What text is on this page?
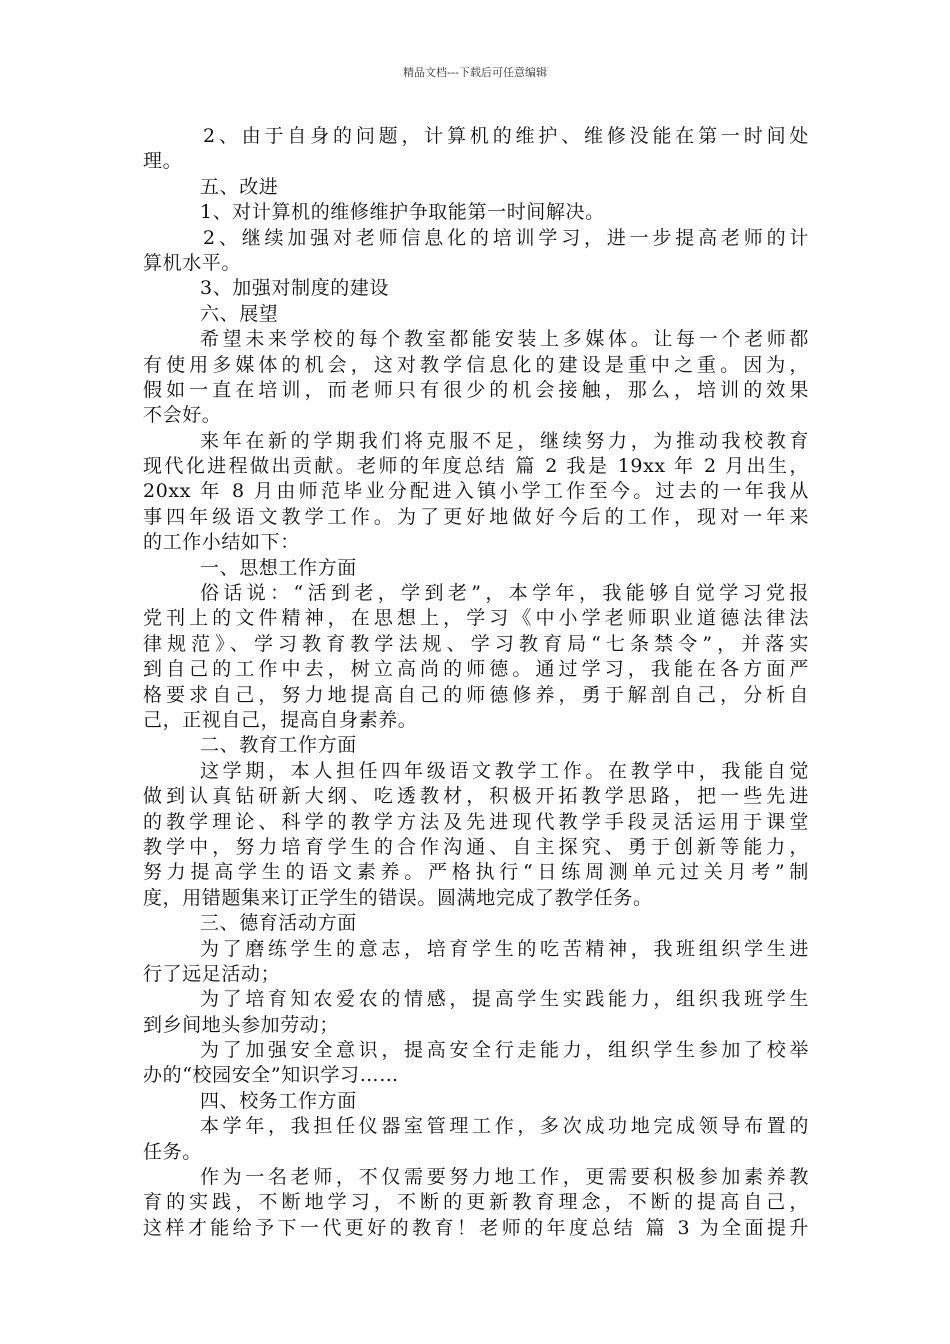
精品文档---下载后可任意编辑
2、由于自身的问题，计算机的维护、维修没能在第一时间处
理。
五、改进
1、对计算机的维修维护争取能第一时间解决。
2、继续加强对老师信息化的培训学习，进一步提高老师的计
算机水平。
3、加强对制度的建设
六、展望
希望未来学校的每个教室都能安装上多媒体。让每一个老师都
有使用多媒体的机会，这对教学信息化的建设是重中之重。因为，
假如一直在培训，而老师只有很少的机会接触，那么，培训的效果
不会好。
来年在新的学期我们将克服不足，继续努力，为推动我校教育
现代化进程做出贡献。老师的年度总结 篇 2 我是 19xx 年 2 月出生，
20xx 年 8 月由师范毕业分配进入镇小学工作至今。过去的一年我从
事四年级语文教学工作。为了更好地做好今后的工作，现对一年来
的工作小结如下：
一、思想工作方面
俗话说：“活到老，学到老”，本学年，我能够自觉学习党报
党刊上的文件精神，在思想上，学习《中小学老师职业道德法律法
律规范》、学习教育教学法规、学习教育局“七条禁令”，并落实
到自己的工作中去，树立高尚的师德。通过学习，我能在各方面严
格要求自己，努力地提高自己的师德修养，勇于解剖自己，分析自
己，正视自己，提高自身素养。
二、教育工作方面
这学期，本人担任四年级语文教学工作。在教学中，我能自觉
做到认真钻研新大纲、吃透教材，积极开拓教学思路，把一些先进
的教学理论、科学的教学方法及先进现代教学手段灵活运用于课堂
教学中，努力培育学生的合作沟通、自主探究、勇于创新等能力，
努力提高学生的语文素养。严格执行“日练周测单元过关月考”制
度，用错题集来订正学生的错误。圆满地完成了教学任务。
三、德育活动方面
为了磨练学生的意志，培育学生的吃苦精神，我班组织学生进
行了远足活动；
为了培育知农爱农的情感，提高学生实践能力，组织我班学生
到乡间地头参加劳动；
为了加强安全意识，提高安全行走能力，组织学生参加了校举
办的“校园安全”知识学习……
四、校务工作方面
本学年，我担任仪器室管理工作，多次成功地完成领导布置的
任务。
作为一名老师，不仅需要努力地工作，更需要积极参加素养教
育的实践，不断地学习，不断的更新教育理念，不断的提高自己，
这样才能给予下一代更好的教育！老师的年度总结 篇 3 为全面提升
